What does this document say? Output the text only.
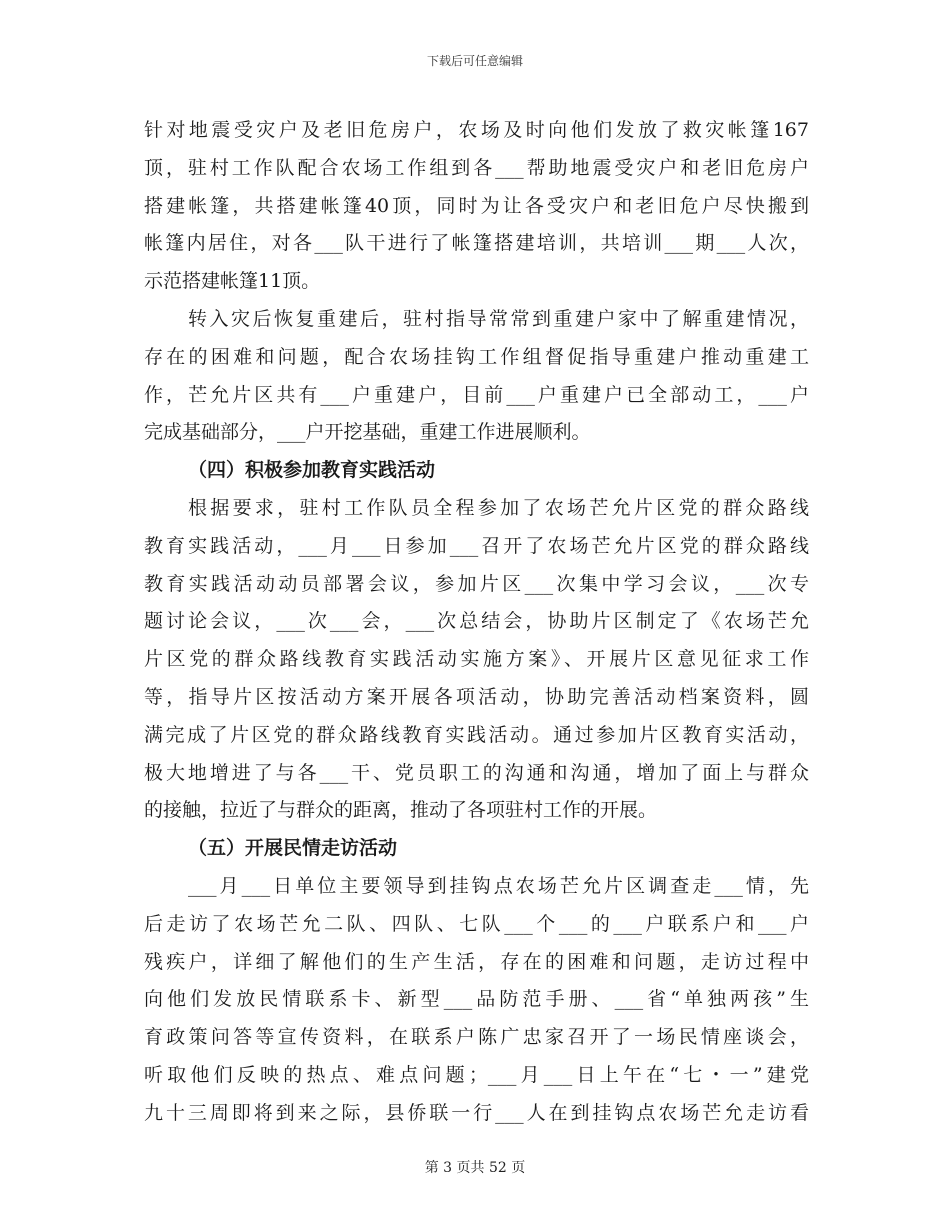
下载后可任意编辑
针对地震受灾户及老旧危房户，农场及时向他们发放了救灾帐篷167
顶，驻村工作队配合农场工作组到各___帮助地震受灾户和老旧危房户
搭建帐篷，共搭建帐篷40顶，同时为让各受灾户和老旧危户尽快搬到
帐篷内居住，对各___队干进行了帐篷搭建培训，共培训___期___人次，
示范搭建帐篷11顶。
转入灾后恢复重建后，驻村指导常常到重建户家中了解重建情况，
存在的困难和问题，配合农场挂钩工作组督促指导重建户推动重建工
作，芒允片区共有___户重建户，目前___户重建户已全部动工，___户
完成基础部分，___户开挖基础，重建工作进展顺利。
（四）积极参加教育实践活动
根据要求，驻村工作队员全程参加了农场芒允片区党的群众路线
教育实践活动，___月___日参加___召开了农场芒允片区党的群众路线
教育实践活动动员部署会议，参加片区___次集中学习会议，___次专
题讨论会议，___次___会，___次总结会，协助片区制定了《农场芒允
片区党的群众路线教育实践活动实施方案》、开展片区意见征求工作
等，指导片区按活动方案开展各项活动，协助完善活动档案资料，圆
满完成了片区党的群众路线教育实践活动。通过参加片区教育实活动，
极大地增进了与各___干、党员职工的沟通和沟通，增加了面上与群众
的接触，拉近了与群众的距离，推动了各项驻村工作的开展。
（五）开展民情走访活动
___月___日单位主要领导到挂钩点农场芒允片区调查走___情，先
后走访了农场芒允二队、四队、七队___个___的___户联系户和___户
残疾户，详细了解他们的生产生活，存在的困难和问题，走访过程中
向他们发放民情联系卡、新型___品防范手册、___省“单独两孩”生
育政策问答等宣传资料，在联系户陈广忠家召开了一场民情座谈会，
听取他们反映的热点、难点问题；___月___日上午在“七・一”建党
九十三周即将到来之际，县侨联一行___人在到挂钩点农场芒允走访看
第 3 页共 52 页
